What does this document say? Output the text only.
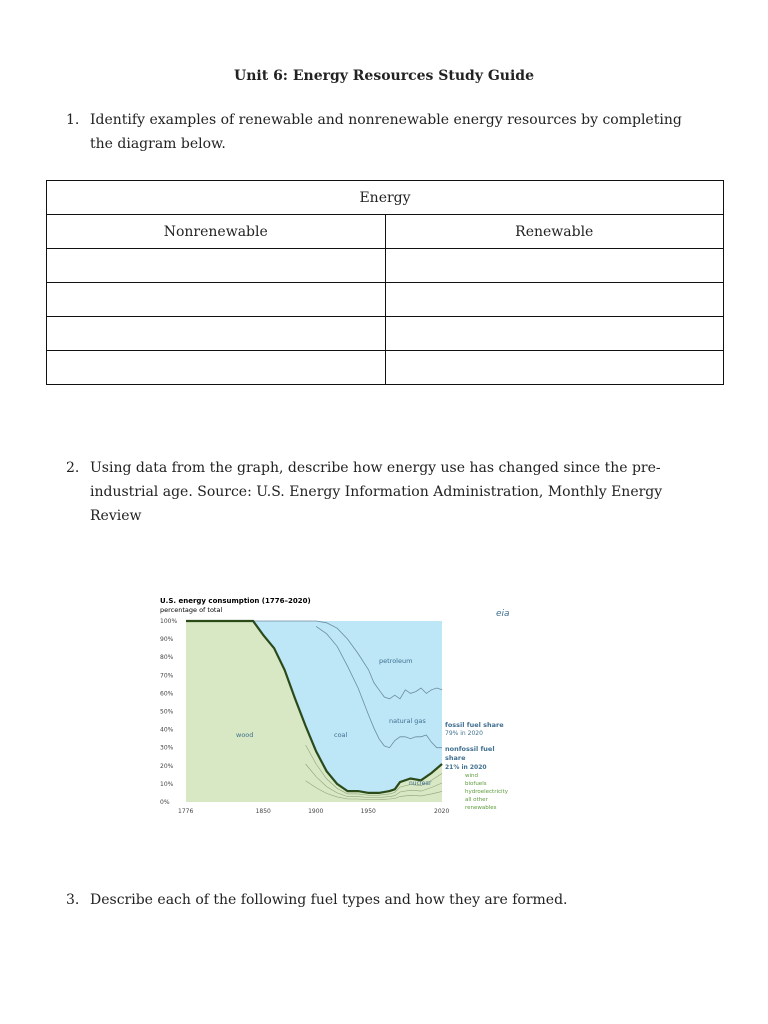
Unit 6: Energy Resources Study Guide
1. Identify examples of renewable and nonrenewable energy resources by completing the diagram below.
Energy	
Nonrenewable	Renewable

2. Using data from the graph, describe how energy use has changed since the pre-industrial age. Source: U.S. Energy Information Administration, Monthly Energy Review
U.S. energy consumption (1776–2020)
percentage of total	eia
100%
90%
80%
70%
60%
50%
40%
30%
20%
10%
0%
1776	1850	1900	1950	2020
wood	coal
petroleum
natural gas
nuclear
fossil fuel share
79% in 2020
nonfossil fuel
share
21% in 2020
wind
biofuels
hydroelectricity
all other
renewables
3. Describe each of the following fuel types and how they are formed.
